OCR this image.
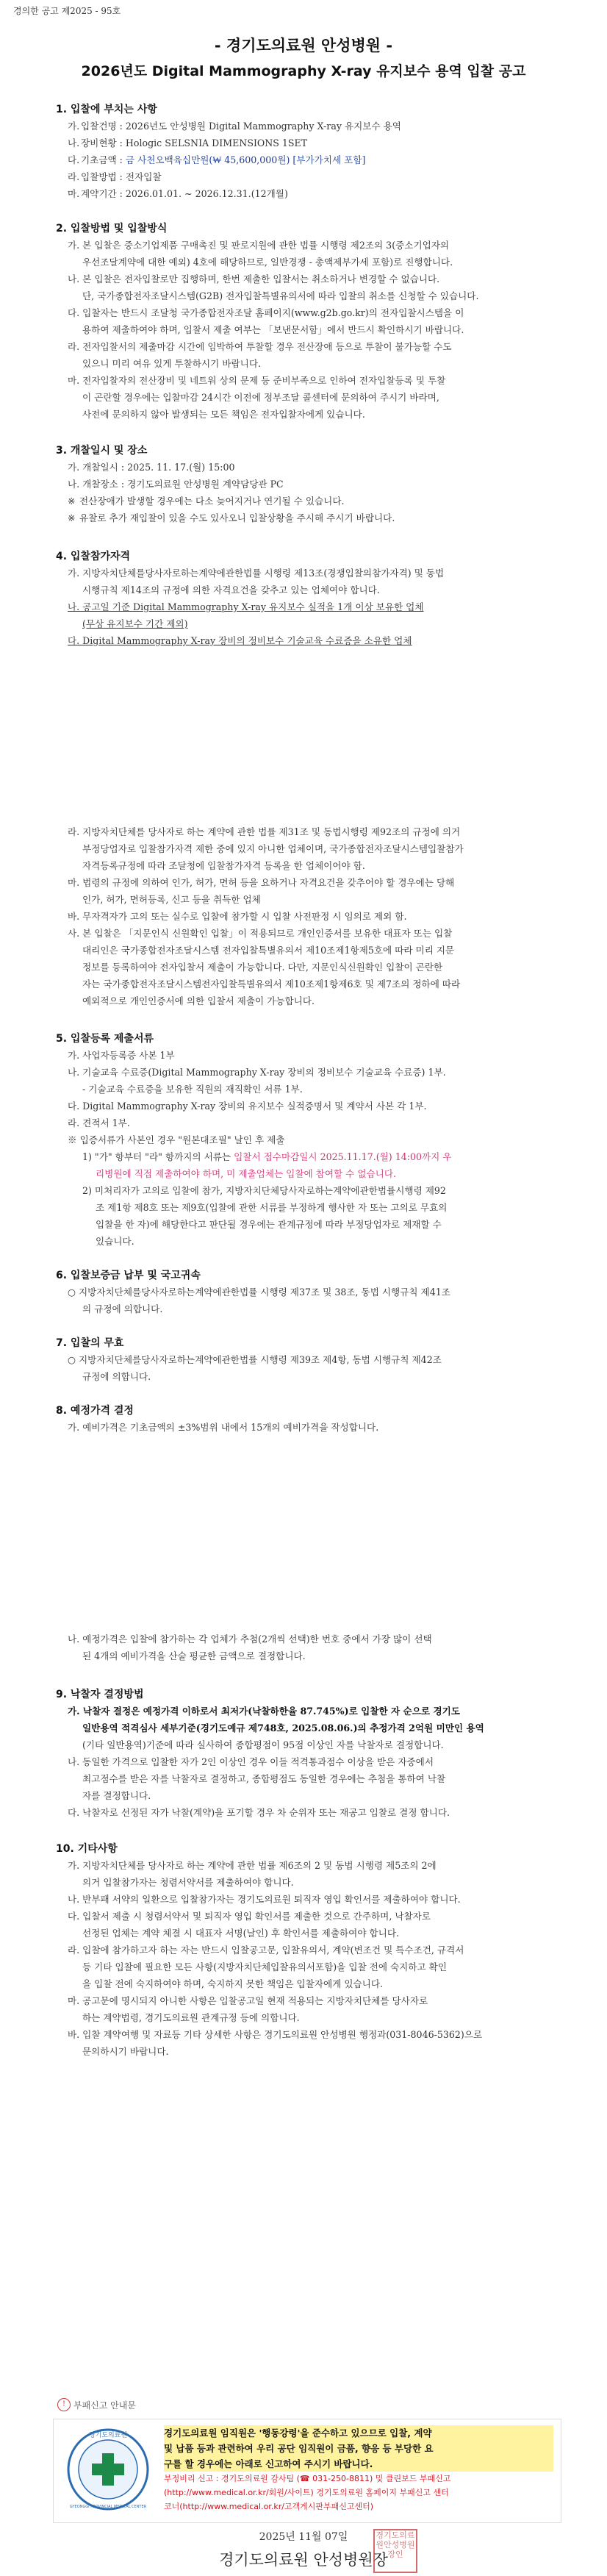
경의한 공고 제2025 - 95호
- 경기도의료원 안성병원 -
2026년도 Digital Mammography X-ray 유지보수 용역 입찰 공고
1. 입찰에 부치는 사항
가. 입찰건명 : 2026년도 안성병원 Digital Mammography X-ray 유지보수 용역
나. 장비현황 : Hologic SELSNIA DIMENSIONS 1SET
다. 기초금액 : 금 사천오백육십만원(₩ 45,600,000원) [부가가치세 포함]
라. 입찰방법 : 전자입찰
마. 계약기간 : 2026.01.01. ~ 2026.12.31.(12개월)
2. 입찰방법 및 입찰방식
가. 본 입찰은 중소기업제품 구매촉진 및 판로지원에 관한 법률 시행령 제2조의 3(중소기업자의
우선조달계약에 대한 예외) 4호에 해당하므로, 일반경쟁 - 총액제부가세 포함)로 진행합니다.
나. 본 입찰은 전자입찰로만 집행하며, 한번 제출한 입찰서는 취소하거나 변경할 수 없습니다.
단, 국가종합전자조달시스템(G2B) 전자입찰특별유의서에 따라 입찰의 취소를 신청할 수 있습니다.
다. 입찰자는 반드시 조달청 국가종합전자조달 홈페이지(www.g2b.go.kr)의 전자입찰시스템을 이
용하여 제출하여야 하며, 입찰서 제출 여부는 「보낸문서함」에서 반드시 확인하시기 바랍니다.
라. 전자입찰서의 제출마감 시간에 임박하여 투찰할 경우 전산장애 등으로 투찰이 불가능할 수도
있으니 미리 여유 있게 투찰하시기 바랍니다.
마. 전자입찰자의 전산장비 및 네트워 상의 문제 등 준비부족으로 인하여 전자입찰등록 및 투찰
이 곤란할 경우에는 입찰마감 24시간 이전에 정부조달 콜센터에 문의하여 주시기 바라며,
사전에 문의하지 않아 발생되는 모든 책임은 전자입찰자에게 있습니다.
3. 개찰일시 및 장소
가. 개찰일시 : 2025. 11. 17.(월) 15:00
나. 개찰장소 : 경기도의료원 안성병원 계약담당관 PC
※ 전산장애가 발생할 경우에는 다소 늦어지거나 연기될 수 있습니다.
※ 유찰로 추가 재입찰이 있을 수도 있사오니 입찰상황을 주시해 주시기 바랍니다.
4. 입찰참가자격
가. 지방자치단체를당사자로하는계약에관한법률 시행령 제13조(경쟁입찰의참가자격) 및 동법
시행규칙 제14조의 규정에 의한 자격요건을 갖추고 있는 업체여야 합니다.
나. 공고일 기준 Digital Mammography X-ray 유지보수 실적을 1개 이상 보유한 업체
(무상 유지보수 기간 제외)
다. Digital Mammography X-ray 장비의 정비보수 기술교육 수료증을 소유한 업체
라. 지방자치단체를 당사자로 하는 계약에 관한 법률 제31조 및 동법시행령 제92조의 규정에 의거
부정당업자로 입찰참가자격 제한 중에 있지 아니한 업체이며, 국가종합전자조달시스템입찰참가
자격등록규정에 따라 조달청에 입찰참가자격 등록을 한 업체이어야 함.
마. 법령의 규정에 의하여 인가, 허가, 면허 등을 요하거나 자격요건을 갖추어야 할 경우에는 당해
인가, 허가, 면허등록, 신고 등을 취득한 업체
바. 무자격자가 고의 또는 실수로 입찰에 참가할 시 입찰 사전판정 시 임의로 제외 함.
사. 본 입찰은 「지문인식 신원확인 입찰」이 적용되므로 개인인증서를 보유한 대표자 또는 입찰
대리인은 국가종합전자조달시스템 전자입찰특별유의서 제10조제1항제5호에 따라 미리 지문
정보를 등록하여야 전자입찰서 제출이 가능합니다. 다만, 지문인식신원확인 입찰이 곤란한
자는 국가종합전자조달시스템전자입찰특별유의서 제10조제1항제6호 및 제7조의 정하에 따라
예외적으로 개인인증서에 의한 입찰서 제출이 가능합니다.
5. 입찰등록 제출서류
가. 사업자등록증 사본 1부
나. 기술교육 수료증(Digital Mammography X-ray 장비의 정비보수 기술교육 수료증) 1부.
- 기술교육 수료증을 보유한 직원의 재직확인 서류 1부.
다. Digital Mammography X-ray 장비의 유지보수 실적증명서 및 계약서 사본 각 1부.
라. 견적서 1부.
※ 입증서류가 사본인 경우 "원본대조필" 날인 후 제출
1) "가" 항부터 "라" 항까지의 서류는 입찰서 접수마감일시 2025.11.17.(월) 14:00까지 우
리병원에 직접 제출하여야 하며, 미 제출업체는 입찰에 참여할 수 없습니다.
2) 미처리자가 고의로 입찰에 참가, 지방자치단체당사자로하는계약에관한법률시행령 제92
조 제1항 제8호 또는 제9호(입찰에 관한 서류를 부정하게 행사한 자 또는 고의로 무효의
입찰을 한 자)에 해당한다고 판단될 경우에는 관계규정에 따라 부정당업자로 제재할 수
있습니다.
6. 입찰보증금 납부 및 국고귀속
○ 지방자치단체를당사자로하는계약에관한법률 시행령 제37조 및 38조, 동법 시행규칙 제41조
의 규정에 의합니다.
7. 입찰의 무효
○ 지방자치단체를당사자로하는계약에관한법률 시행령 제39조 제4항, 동법 시행규칙 제42조
규정에 의합니다.
8. 예정가격 결정
가. 예비가격은 기초금액의 ±3%범위 내에서 15개의 예비가격을 작성합니다.
나. 예정가격은 입찰에 참가하는 각 업체가 추첨(2개씩 선택)한 번호 중에서 가장 많이 선택
된 4개의 예비가격을 산술 평균한 금액으로 결정합니다.
9. 낙찰자 결정방법
가. 낙찰자 결정은 예정가격 이하로서 최저가(낙찰하한율 87.745%)로 입찰한 자 순으로 경기도
일반용역 적격심사 세부기준(경기도예규 제748호, 2025.08.06.)의 추정가격 2억원 미만인 용역
(기타 일반용역)기준에 따라 실사하여 종합평점이 95점 이상인 자를 낙찰자로 결정합니다.
나. 동일한 가격으로 입찰한 자가 2인 이상인 경우 이들 적격통과점수 이상을 받은 자중에서
최고점수를 받은 자를 낙찰자로 결정하고, 종합평점도 동일한 경우에는 추첨을 통하여 낙찰
자를 결정합니다.
다. 낙찰자로 선정된 자가 낙찰(계약)을 포기할 경우 차 순위자 또는 재공고 입찰로 결정 합니다.
10. 기타사항
가. 지방자치단체를 당사자로 하는 계약에 관한 법률 제6조의 2 및 동법 시행령 제5조의 2에
의거 입찰참가자는 청렴서약서를 제출하여야 합니다.
나. 반부패 서약의 일환으로 입찰참가자는 경기도의료원 퇴직자 영입 확인서를 제출하여야 합니다.
다. 입찰서 제출 시 청렴서약서 및 퇴직자 영입 확인서를 제출한 것으로 간주하며, 낙찰자로
선정된 업체는 계약 체결 시 대표자 서명(날인) 후 확인서를 제출하여야 합니다.
라. 입찰에 참가하고자 하는 자는 반드시 입찰공고문, 입찰유의서, 계약(변조건 및 특수조건, 규격서
등 기타 입찰에 필요한 모든 사항(지방자치단체입찰유의서포함)을 입찰 전에 숙지하고 확인
을 입찰 전에 숙지하여야 하며, 숙지하지 못한 책임은 입찰자에게 있습니다.
마. 공고문에 명시되지 아니한 사항은 입찰공고일 현재 적용되는 지방자치단체를 당사자로
하는 계약법령, 경기도의료원 관계규정 등에 의합니다.
바. 입찰 계약여행 및 자료등 기타 상세한 사항은 경기도의료원 안성병원 행정과(031-8046-5362)으로
문의하시기 바랍니다.
! 부패신고 안내문
경기도의료원
GYEONGGI PROVINCIAL MEDICAL CENTER
경기도의료원 임직원은 '행동강령'을 준수하고 있으므로 입찰, 계약
및 납품 등과 관련하여 우리 공단 임직원이 금품, 향응 등 부당한 요
구를 할 경우에는 아래로 신고하여 주시기 바랍니다.
부정비리 신고 : 경기도의료원 감사팀 (☎ 031-250-8811) 및 클린보드 부패신고
(http://www.medical.or.kr/회원/사이트) 경기도의료원 홈페이지 부패신고 센터
코너(http://www.medical.or.kr/고객게시판부패신고센터)
2025년 11월 07일
경기도의료원 안성병원장
경기도의료원안성병원장인
